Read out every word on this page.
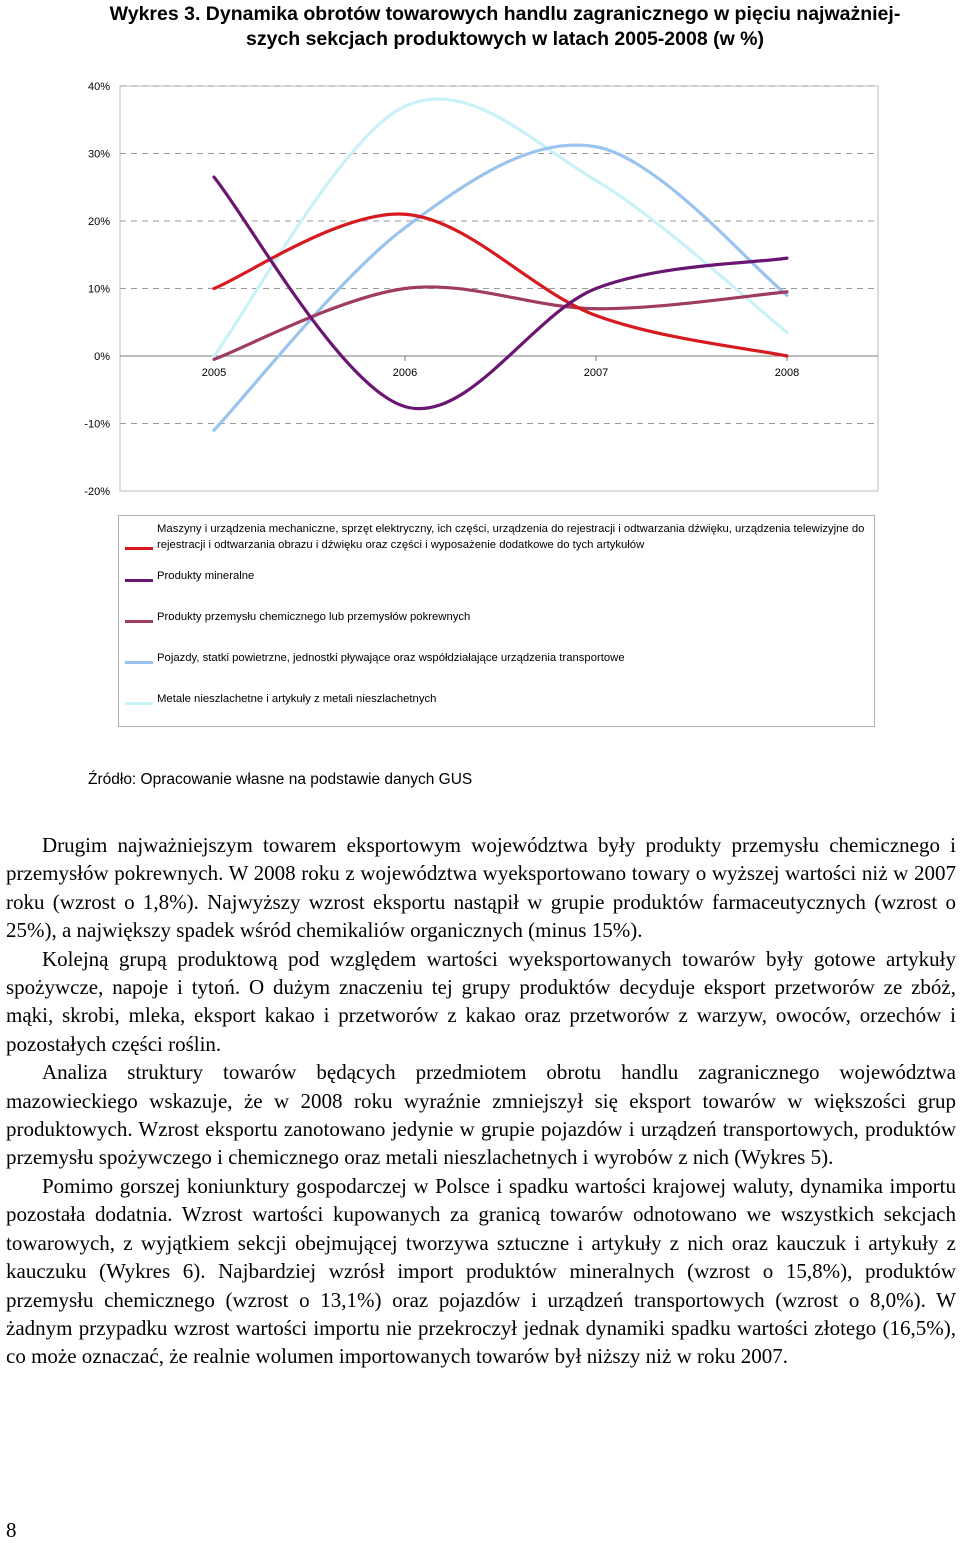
Wykres 3. Dynamika obrotów towarowych handlu zagranicznego w pięciu najważniej-
szych sekcjach produktowych w latach 2005-2008 (w %)
-20%
-10%
0%
10%
20%
30%
40%
2005	2006	2007	2008
Maszyny i urządzenia mechaniczne, sprzęt elektryczny, ich części, urządzenia do rejestracji i odtwarzania dźwięku, urządzenia telewizyjne do rejestracji i odtwarzania obrazu i dźwięku oraz części i wyposażenie dodatkowe do tych artykułów
Produkty mineralne
Produkty przemysłu chemicznego lub przemysłów pokrewnych
Pojazdy, statki powietrzne, jednostki pływające oraz współdziałające urządzenia transportowe
Metale nieszlachetne i artykuły z metali nieszlachetnych
Źródło: Opracowanie własne na podstawie danych GUS

Drugim najważniejszym towarem eksportowym województwa były produkty przemysłu chemicznego i przemysłów pokrewnych. W 2008 roku z województwa wyeksportowano towary o wyższej wartości niż w 2007 roku (wzrost o 1,8%). Najwyższy wzrost eksportu nastąpił w grupie produktów farmaceutycznych (wzrost o 25%), a największy spadek wśród chemikaliów organicznych (minus 15%).

Kolejną grupą produktową pod względem wartości wyeksportowanych towarów były gotowe artykuły spożywcze, napoje i tytoń. O dużym znaczeniu tej grupy produktów decyduje eksport przetworów ze zbóż, mąki, skrobi, mleka, eksport kakao i przetworów z kakao oraz przetworów z warzyw, owoców, orzechów i pozostałych części roślin.

Analiza struktury towarów będących przedmiotem obrotu handlu zagranicznego województwa mazowieckiego wskazuje, że w 2008 roku wyraźnie zmniejszył się eksport towarów w większości grup produktowych. Wzrost eksportu zanotowano jedynie w grupie pojazdów i urządzeń transportowych, produktów przemysłu spożywczego i chemicznego oraz metali nieszlachetnych i wyrobów z nich (Wykres 5).

Pomimo gorszej koniunktury gospodarczej w Polsce i spadku wartości krajowej waluty, dynamika importu pozostała dodatnia. Wzrost wartości kupowanych za granicą towarów odnotowano we wszystkich sekcjach towarowych, z wyjątkiem sekcji obejmującej tworzywa sztuczne i artykuły z nich oraz kauczuk i artykuły z kauczuku (Wykres 6). Najbardziej wzrósł import produktów mineralnych (wzrost o 15,8%), produktów przemysłu chemicznego (wzrost o 13,1%) oraz pojazdów i urządzeń transportowych (wzrost o 8,0%). W żadnym przypadku wzrost wartości importu nie przekroczył jednak dynamiki spadku wartości złotego (16,5%), co może oznaczać, że realnie wolumen importowanych towarów był niższy niż w roku 2007.

8
